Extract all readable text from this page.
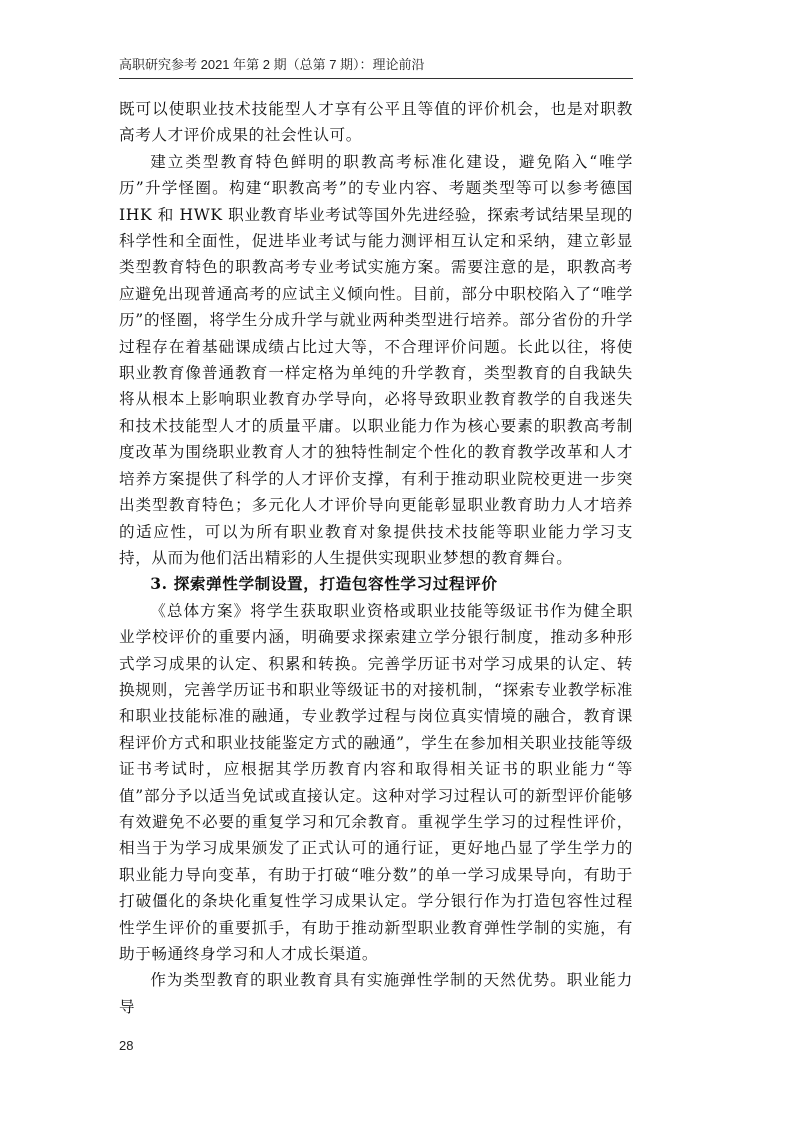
高职研究参考 2021 年第 2 期（总第 7 期）：理论前沿

既可以使职业技术技能型人才享有公平且等值的评价机会，也是对职教高考人才评价成果的社会性认可。

建立类型教育特色鲜明的职教高考标准化建设，避免陷入“唯学历”升学怪圈。构建“职教高考”的专业内容、考题类型等可以参考德国 IHK 和 HWK 职业教育毕业考试等国外先进经验，探索考试结果呈现的科学性和全面性，促进毕业考试与能力测评相互认定和采纳，建立彰显类型教育特色的职教高考专业考试实施方案。需要注意的是，职教高考应避免出现普通高考的应试主义倾向性。目前，部分中职校陷入了“唯学历”的怪圈，将学生分成升学与就业两种类型进行培养。部分省份的升学过程存在着基础课成绩占比过大等，不合理评价问题。长此以往，将使职业教育像普通教育一样定格为单纯的升学教育，类型教育的自我缺失将从根本上影响职业教育办学导向，必将导致职业教育教学的自我迷失和技术技能型人才的质量平庸。以职业能力作为核心要素的职教高考制度改革为围绕职业教育人才的独特性制定个性化的教育教学改革和人才培养方案提供了科学的人才评价支撑，有利于推动职业院校更进一步突出类型教育特色；多元化人才评价导向更能彰显职业教育助力人才培养的适应性，可以为所有职业教育对象提供技术技能等职业能力学习支持，从而为他们活出精彩的人生提供实现职业梦想的教育舞台。

3. 探索弹性学制设置，打造包容性学习过程评价

《总体方案》将学生获取职业资格或职业技能等级证书作为健全职业学校评价的重要内涵，明确要求探索建立学分银行制度，推动多种形式学习成果的认定、积累和转换。完善学历证书对学习成果的认定、转换规则，完善学历证书和职业等级证书的对接机制，“探索专业教学标准和职业技能标准的融通，专业教学过程与岗位真实情境的融合，教育课程评价方式和职业技能鉴定方式的融通”，学生在参加相关职业技能等级证书考试时，应根据其学历教育内容和取得相关证书的职业能力“等值”部分予以适当免试或直接认定。这种对学习过程认可的新型评价能够有效避免不必要的重复学习和冗余教育。重视学生学习的过程性评价，相当于为学习成果颁发了正式认可的通行证，更好地凸显了学生学力的职业能力导向变革，有助于打破“唯分数”的单一学习成果导向，有助于打破僵化的条块化重复性学习成果认定。学分银行作为打造包容性过程性学生评价的重要抓手，有助于推动新型职业教育弹性学制的实施，有助于畅通终身学习和人才成长渠道。

作为类型教育的职业教育具有实施弹性学制的天然优势。职业能力导

28
